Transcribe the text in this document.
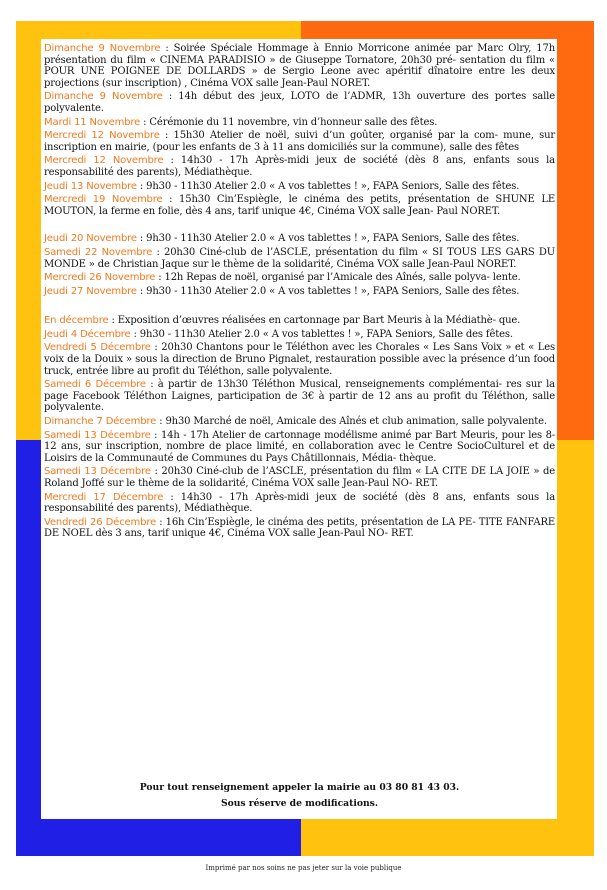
Dimanche 9 Novembre : Soirée Spéciale Hommage à Ennio Morricone animée par Marc Olry, 17h présentation du film « CINEMA PARADISIO » de Giuseppe Tornatore, 20h30 pré- sentation du film « POUR UNE POIGNEE DE DOLLARDS » de Sergio Leone avec apéritif dînatoire entre les deux projections (sur inscription) , Cinéma VOX salle Jean-Paul NORET.
Dimanche 9 Novembre : 14h début des jeux, LOTO de l’ADMR, 13h ouverture des portes salle polyvalente.
Mardi 11 Novembre : Cérémonie du 11 novembre, vin d’honneur salle des fêtes.
Mercredi 12 Novembre : 15h30 Atelier de noël, suivi d’un goûter, organisé par la com- mune, sur inscription en mairie, (pour les enfants de 3 à 11 ans domiciliés sur la commune), salle des fêtes
Mercredi 12 Novembre : 14h30 - 17h Après-midi jeux de société (dès 8 ans, enfants sous la responsabilité des parents), Médiathèque.
Jeudi 13 Novembre : 9h30 - 11h30 Atelier 2.0 « A vos tablettes ! », FAPA Seniors, Salle des fêtes.
Mercredi 19 Novembre : 15h30 Cin’Espiègle, le cinéma des petits, présentation de SHUNE LE MOUTON, la ferme en folie, dès 4 ans, tarif unique 4€, Cinéma VOX salle Jean- Paul NORET.
Jeudi 20 Novembre : 9h30 - 11h30 Atelier 2.0 « A vos tablettes ! », FAPA Seniors, Salle des fêtes.
Samedi 22 Novembre : 20h30 Ciné-club de l’ASCLE, présentation du film « SI TOUS LES GARS DU MONDE » de Christian Jaque sur le thème de la solidarité, Cinéma VOX salle Jean-Paul NORET.
Mercredi 26 Novembre : 12h Repas de noël, organisé par l’Amicale des Aînés, salle polyva- lente.
Jeudi 27 Novembre : 9h30 - 11h30 Atelier 2.0 « A vos tablettes ! », FAPA Seniors, Salle des fêtes.
En décembre : Exposition d’œuvres réalisées en cartonnage par Bart Meuris à la Médiathè- que.
Jeudi 4 Décembre : 9h30 - 11h30 Atelier 2.0 « A vos tablettes ! », FAPA Seniors, Salle des fêtes.
Vendredi 5 Décembre : 20h30 Chantons pour le Téléthon avec les Chorales « Les Sans Voix » et « Les voix de la Douix » sous la direction de Bruno Pignalet, restauration possible avec la présence d’un food truck, entrée libre au profit du Téléthon, salle polyvalente.
Samedi 6 Décembre : à partir de 13h30 Téléthon Musical, renseignements complémentai- res sur la page Facebook Téléthon Laignes, participation de 3€ à partir de 12 ans au profit du Téléthon, salle polyvalente.
Dimanche 7 Décembre : 9h30 Marché de noël, Amicale des Aînés et club animation, salle polyvalente.
Samedi 13 Décembre : 14h - 17h Atelier de cartonnage modélisme animé par Bart Meuris, pour les 8-12 ans, sur inscription, nombre de place limité, en collaboration avec le Centre SocioCulturel et de Loisirs de la Communauté de Communes du Pays Châtillonnais, Média- thèque.
Samedi 13 Décembre : 20h30 Ciné-club de l’ASCLE, présentation du film « LA CITE DE LA JOIE » de Roland Joffé sur le thème de la solidarité, Cinéma VOX salle Jean-Paul NO- RET.
Mercredi 17 Décembre : 14h30 - 17h Après-midi jeux de société (dès 8 ans, enfants sous la responsabilité des parents), Médiathèque.
Vendredi 26 Décembre : 16h Cin’Espiègle, le cinéma des petits, présentation de LA PE- TITE FANFARE DE NOEL dès 3 ans, tarif unique 4€, Cinéma VOX salle Jean-Paul NO- RET.
Pour tout renseignement appeler la mairie au 03 80 81 43 03.
Sous réserve de modifications.
Imprimé par nos soins ne pas jeter sur la voie publique
